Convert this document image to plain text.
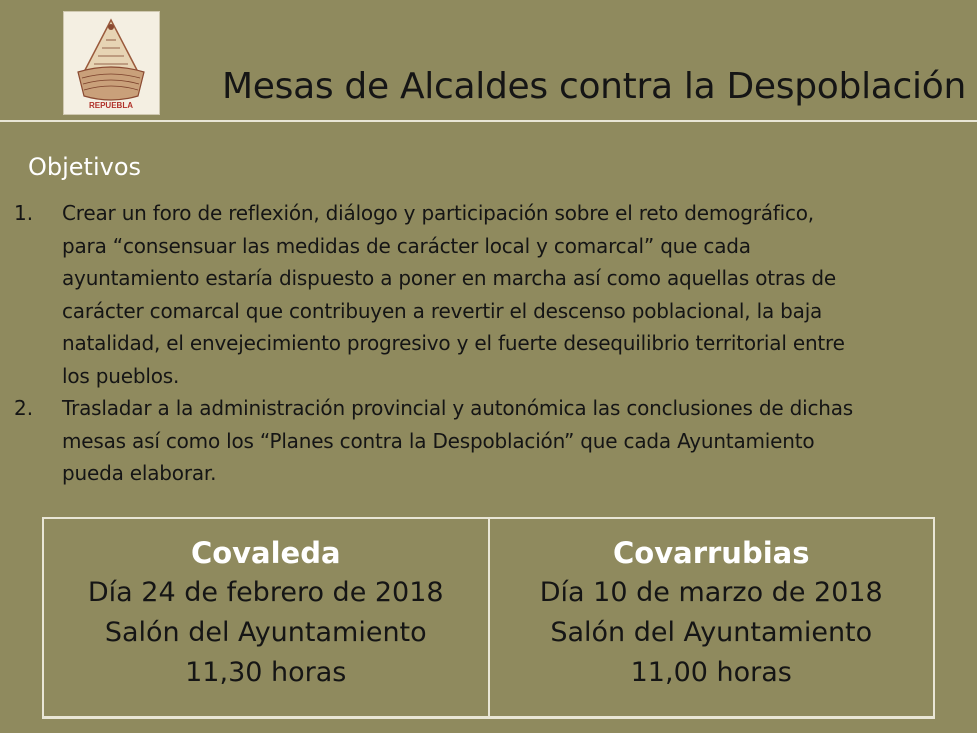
REPUEBLA Mesas de Alcaldes contra la Despoblación
Objetivos
1. Crear un foro de reflexión, diálogo y participación sobre el reto demográfico,
para “consensuar las medidas de carácter local y comarcal” que cada
ayuntamiento estaría dispuesto a poner en marcha así como aquellas otras de
carácter comarcal que contribuyen a revertir el descenso poblacional, la baja
natalidad, el envejecimiento progresivo y el fuerte desequilibrio territorial entre
los pueblos.
2. Trasladar a la administración provincial y autonómica las conclusiones de dichas
mesas así como los “Planes contra la Despoblación” que cada Ayuntamiento
pueda elaborar.
Covaleda
Día 24 de febrero de 2018
Salón del Ayuntamiento
11,30 horas
Covarrubias
Día 10 de marzo de 2018
Salón del Ayuntamiento
11,00 horas
